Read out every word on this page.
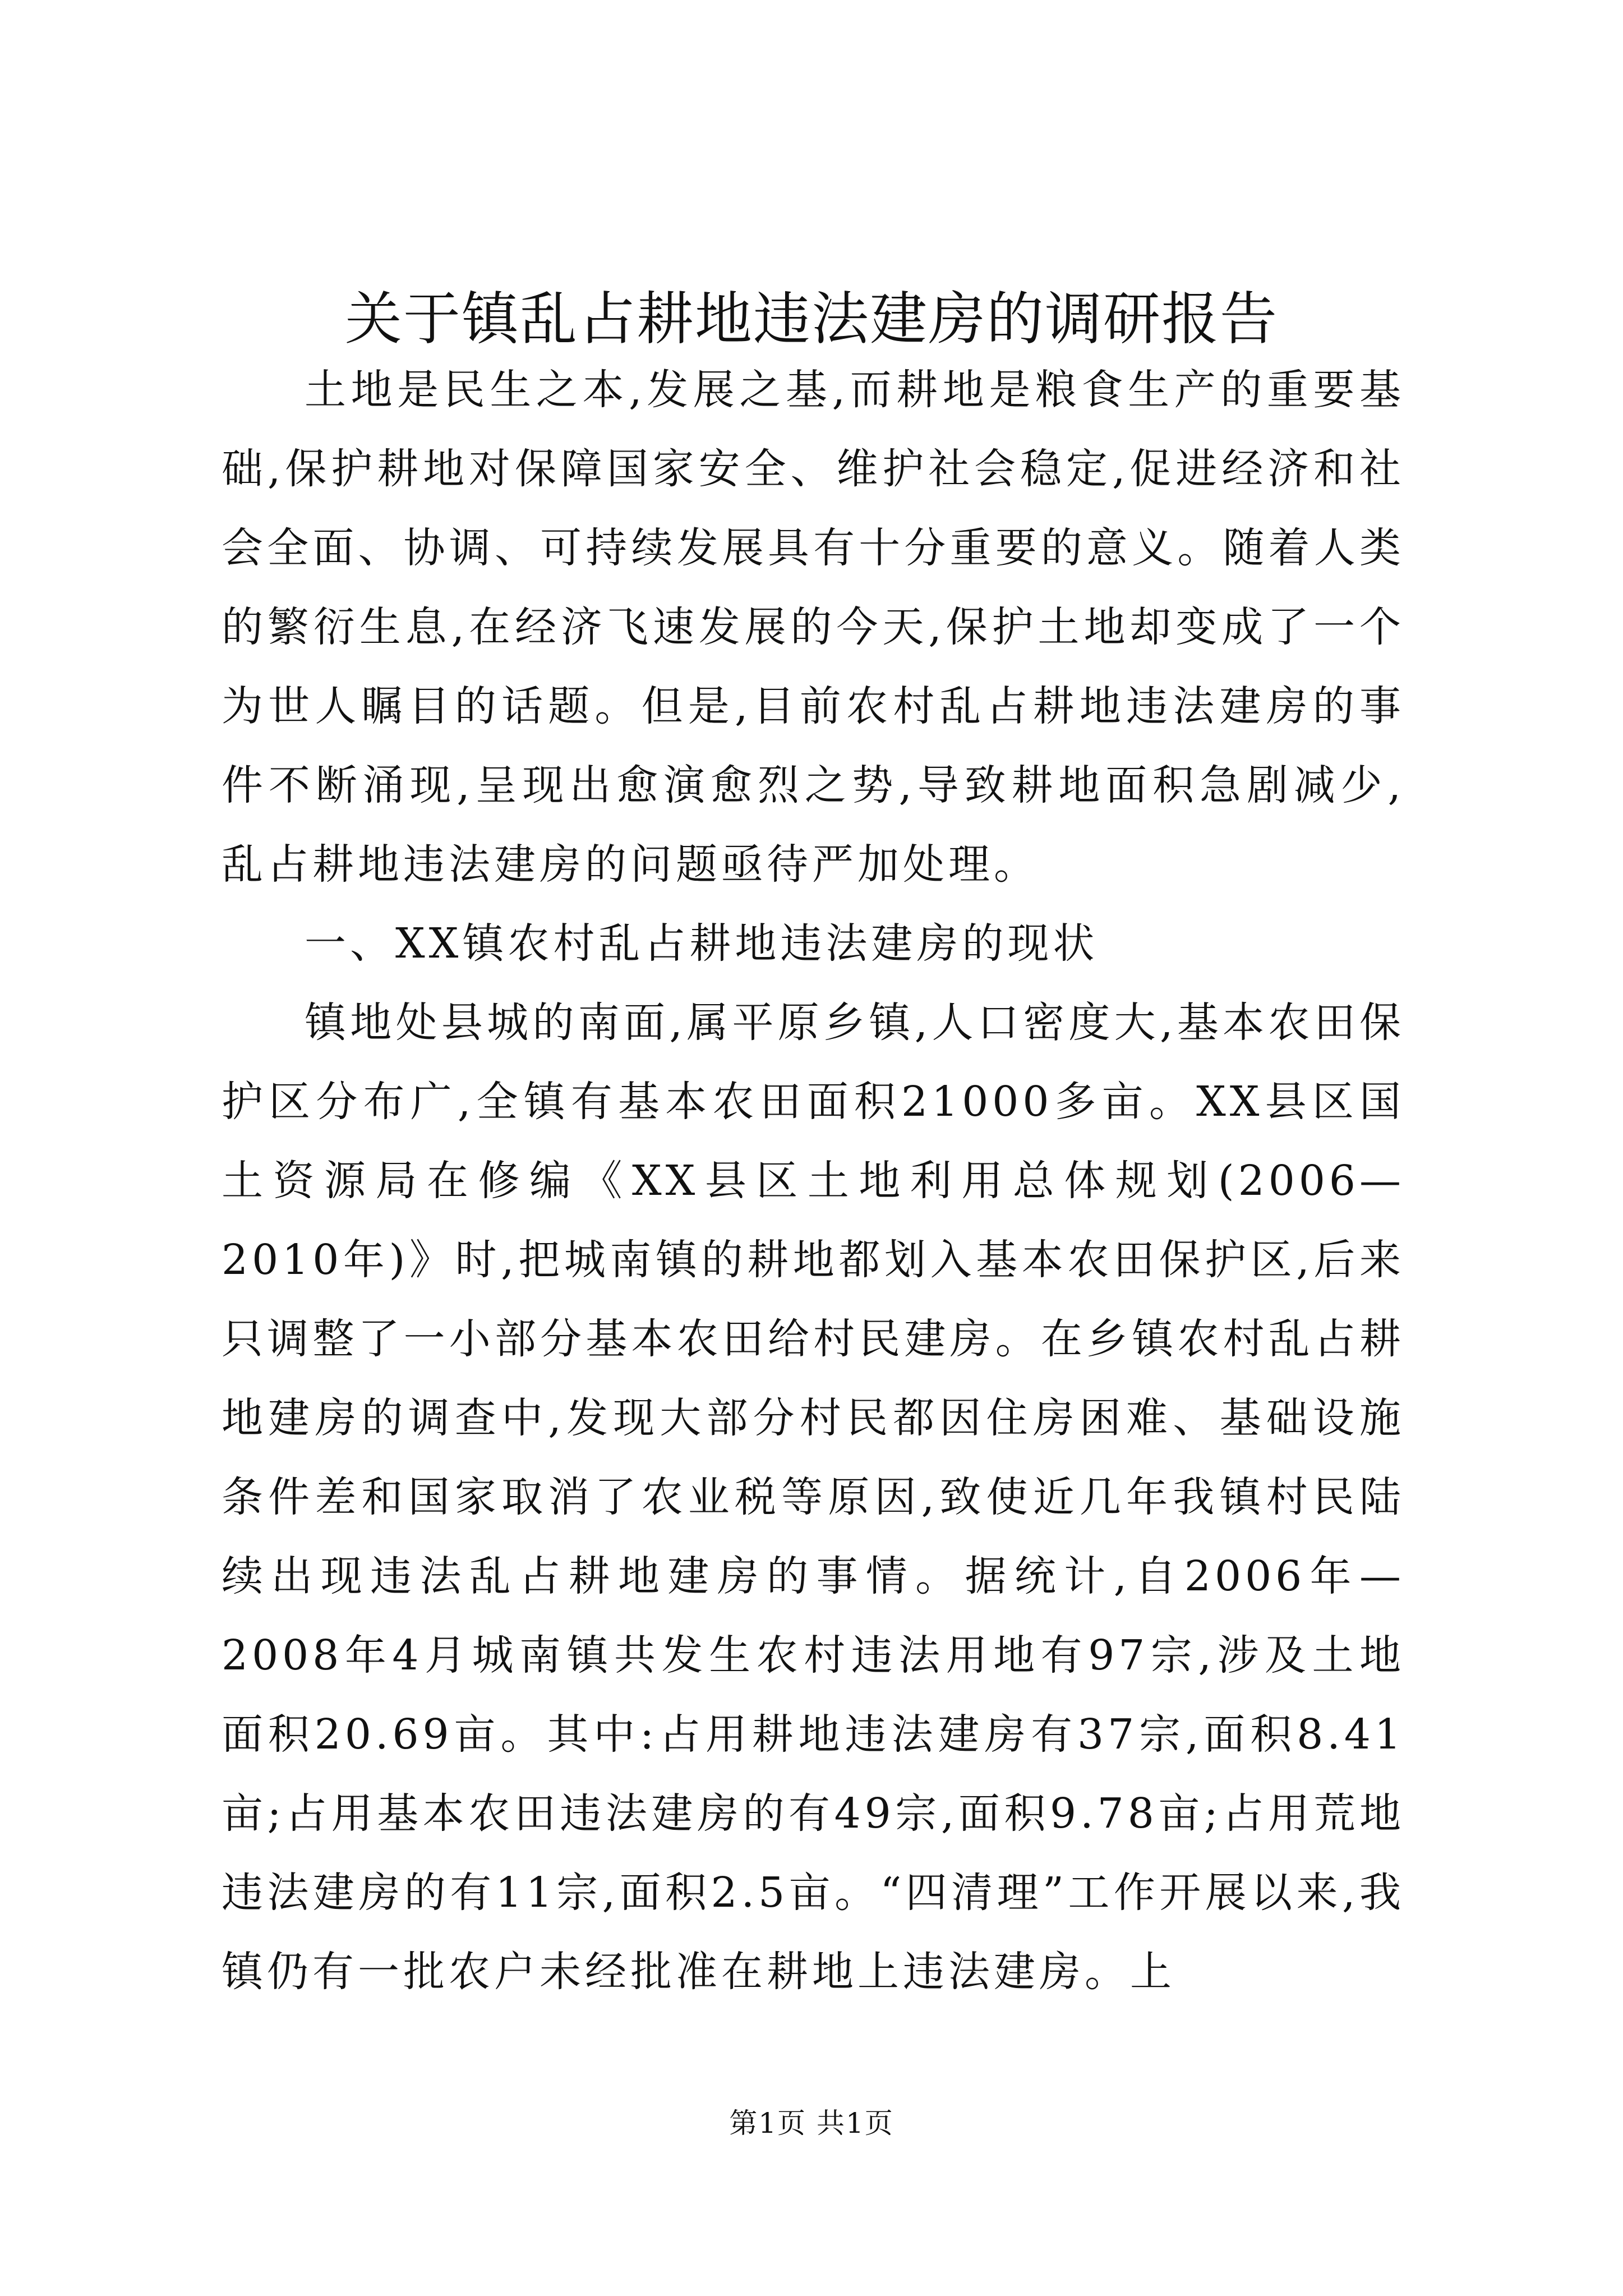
关于镇乱占耕地违法建房的调研报告

土地是民生之本,发展之基,而耕地是粮食生产的重要基础,保护耕地对保障国家安全、维护社会稳定,促进经济和社会全面、协调、可持续发展具有十分重要的意义。随着人类的繁衍生息,在经济飞速发展的今天,保护土地却变成了一个为世人瞩目的话题。但是,目前农村乱占耕地违法建房的事件不断涌现,呈现出愈演愈烈之势,导致耕地面积急剧减少,乱占耕地违法建房的问题亟待严加处理。

一、XX镇农村乱占耕地违法建房的现状

镇地处县城的南面,属平原乡镇,人口密度大,基本农田保护区分布广,全镇有基本农田面积21000多亩。XX县区国土资源局在修编《XX县区土地利用总体规划(2006—2010年)》时,把城南镇的耕地都划入基本农田保护区,后来只调整了一小部分基本农田给村民建房。在乡镇农村乱占耕地建房的调查中,发现大部分村民都因住房困难、基础设施条件差和国家取消了农业税等原因,致使近几年我镇村民陆续出现违法乱占耕地建房的事情。据统计,自2006年—2008年4月城南镇共发生农村违法用地有97宗,涉及土地面积20.69亩。其中:占用耕地违法建房有37宗,面积8.41亩;占用基本农田违法建房的有49宗,面积9.78亩;占用荒地违法建房的有11宗,面积2.5亩。“四清理”工作开展以来,我镇仍有一批农户未经批准在耕地上违法建房。上

第1页 共1页
